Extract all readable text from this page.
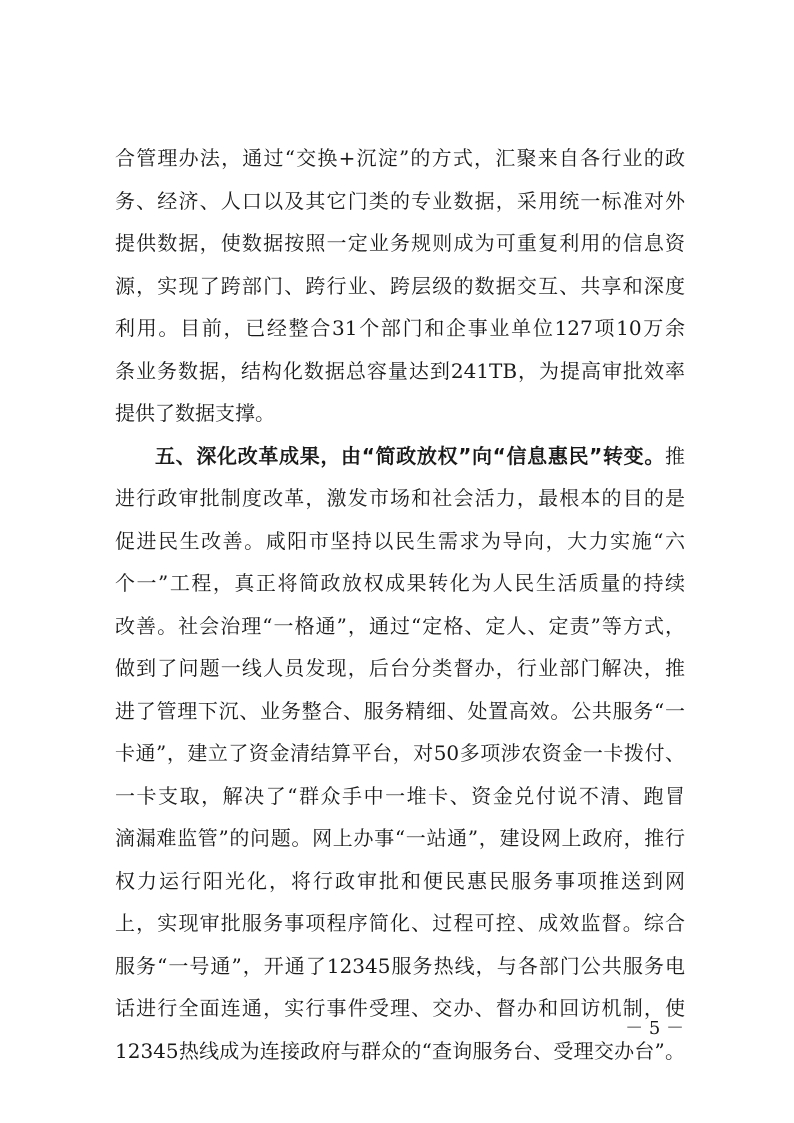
合管理办法，通过“交换+沉淀”的方式，汇聚来自各行业的政
务、经济、人口以及其它门类的专业数据，采用统一标准对外
提供数据，使数据按照一定业务规则成为可重复利用的信息资
源，实现了跨部门、跨行业、跨层级的数据交互、共享和深度
利用。目前，已经整合31个部门和企事业单位127项10万余
条业务数据，结构化数据总容量达到241TB，为提高审批效率
提供了数据支撑。
五、深化改革成果，由“简政放权”向“信息惠民”转变。推
进行政审批制度改革，激发市场和社会活力，最根本的目的是
促进民生改善。咸阳市坚持以民生需求为导向，大力实施“六
个一”工程，真正将简政放权成果转化为人民生活质量的持续
改善。社会治理“一格通”，通过“定格、定人、定责”等方式，
做到了问题一线人员发现，后台分类督办，行业部门解决，推
进了管理下沉、业务整合、服务精细、处置高效。公共服务“一
卡通”，建立了资金清结算平台，对50多项涉农资金一卡拨付、
一卡支取，解决了“群众手中一堆卡、资金兑付说不清、跑冒
滴漏难监管”的问题。网上办事“一站通”，建设网上政府，推行
权力运行阳光化，将行政审批和便民惠民服务事项推送到网
上，实现审批服务事项程序简化、过程可控、成效监督。综合
服务“一号通”，开通了12345服务热线，与各部门公共服务电
话进行全面连通，实行事件受理、交办、督办和回访机制，使
12345热线成为连接政府与群众的“查询服务台、受理交办台”。
－ 5 －
